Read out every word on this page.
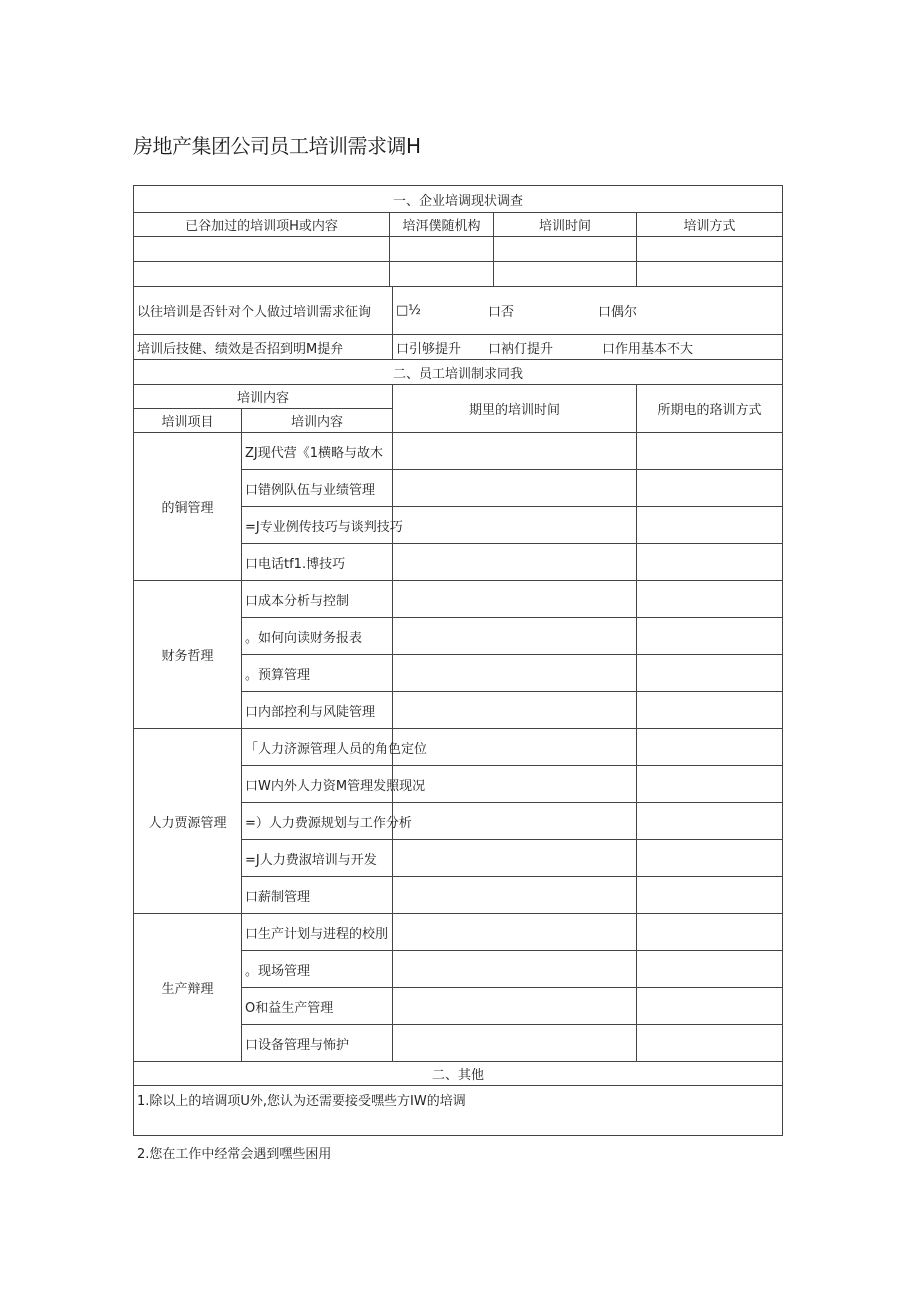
房地产集团公司员工培训需求调H
一、企业培调现状调查					
已谷加过的培训项H或内容		培洱僕随机构		培训时间	培训方式

以往培训是否针对个人做过培训需求征询			□½ 口否 口偶尔		

培训后技健、绩效是否招到明M提弁			口引够提升 口衲仃提升 口作用基本不大		

二、员工培训制求同我					
培训内容			期里的培训时间		所期电的珞训方式
培训项目	培训内容				
的铜管理	ZJ现代营《1横略与故木				
	口错例队伍与业绩管理				
	=J专业例传技巧与谈判技巧				
	口电话tf1.博技巧				
财务哲理	口成本分析与控制				
	。如何向读财务报表				
	。预算管理				
	口内部控利与风陡管理				
人力贾源管理	「人力济源管理人员的角色定位				
	口W内外人力资M管理发照现况				
	=）人力费源规划与工作分析				
	=J人力费淑培训与开发				
	口薪制管理				
生产辩理	口生产计划与进程的校刖				
	。现场管理				
	O和益生产管理				
	口设备管理与怖护				
二、其他					
1.除以上的培调项U外,您认为还需要接受嘿些方IW的培调					
2.您在工作中经常会遇到嘿些困用
